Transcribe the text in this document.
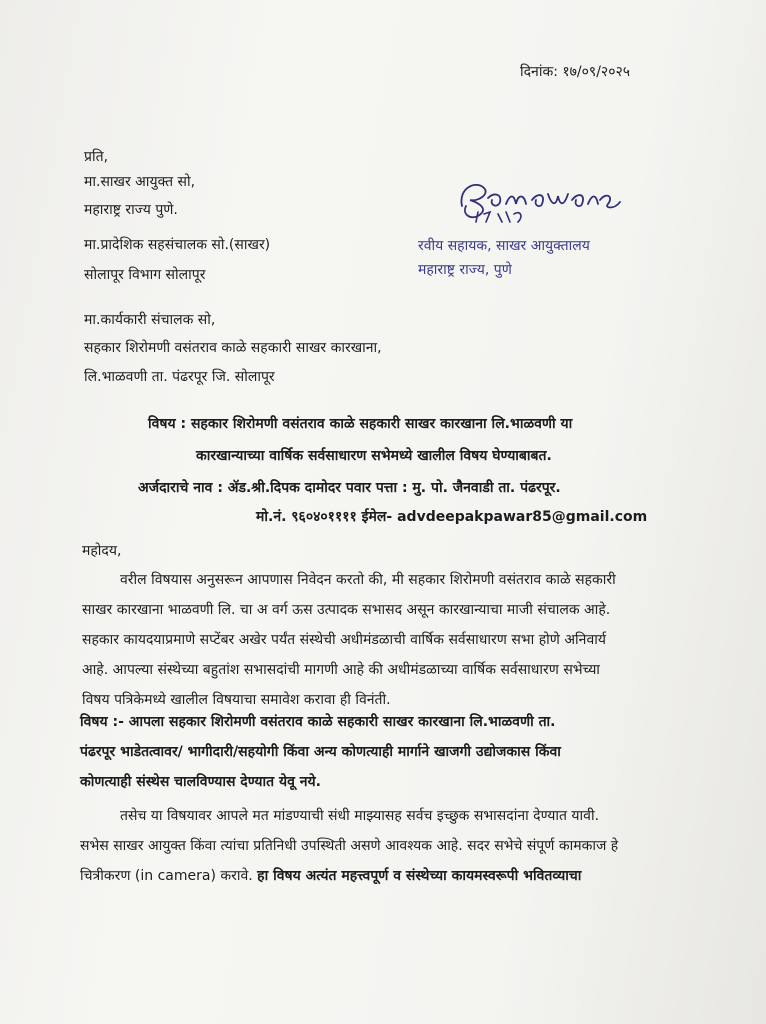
दिनांक: १७/०९/२०२५

प्रति,

मा.साखर आयुक्त सो,

महाराष्ट्र राज्य पुणे.

मा.प्रादेशिक सहसंचालक सो.(साखर)

सोलापूर विभाग सोलापूर

मा.कार्यकारी संचालक सो,

सहकार शिरोमणी वसंतराव काळे सहकारी साखर कारखाना,

लि.भाळवणी ता. पंढरपूर जि. सोलापूर

रवीय सहायक, साखर आयुक्तालय
महाराष्ट्र राज्य, पुणे

विषय : सहकार शिरोमणी वसंतराव काळे सहकारी साखर कारखाना लि.भाळवणी या

कारखान्याच्या वार्षिक सर्वसाधारण सभेमध्ये खालील विषय घेण्याबाबत.

अर्जदाराचे नाव : ॲड.श्री.दिपक दामोदर पवार पत्ता : मु. पो. जैनवाडी ता. पंढरपूर.

मो.नं. ९६०४०११११ ईमेल- advdeepakpawar85@gmail.com

महोदय,

वरील विषयास अनुसरून आपणास निवेदन करतो की, मी सहकार शिरोमणी वसंतराव काळे सहकारी
साखर कारखाना भाळवणी लि. चा अ वर्ग ऊस उत्पादक सभासद असून कारखान्याचा माजी संचालक आहे.
सहकार कायदयाप्रमाणे सप्टेंबर अखेर पर्यंत संस्थेची अधीमंडळाची वार्षिक सर्वसाधारण सभा होणे अनिवार्य
आहे. आपल्या संस्थेच्या बहुतांश सभासदांची मागणी आहे की अधीमंडळाच्या वार्षिक सर्वसाधारण सभेच्या
विषय पत्रिकेमध्ये खालील विषयाचा समावेश करावा ही विनंती.
विषय :- आपला सहकार शिरोमणी वसंतराव काळे सहकारी साखर कारखाना लि.भाळवणी ता.
पंढरपूर भाडेतत्वावर/ भागीदारी/सहयोगी किंवा अन्य कोणत्याही मार्गाने खाजगी उद्योजकास किंवा
कोणत्याही संस्थेस चालविण्यास देण्यात येवू नये.
तसेच या विषयावर आपले मत मांडण्याची संधी माझ्यासह सर्वच इच्छुक सभासदांना देण्यात यावी.
सभेस साखर आयुक्त किंवा त्यांचा प्रतिनिधी उपस्थिती असणे आवश्यक आहे. सदर सभेचे संपूर्ण कामकाज हे
चित्रीकरण (in camera) करावे. हा विषय अत्यंत महत्त्वपूर्ण व संस्थेच्या कायमस्वरूपी भवितव्याचा
